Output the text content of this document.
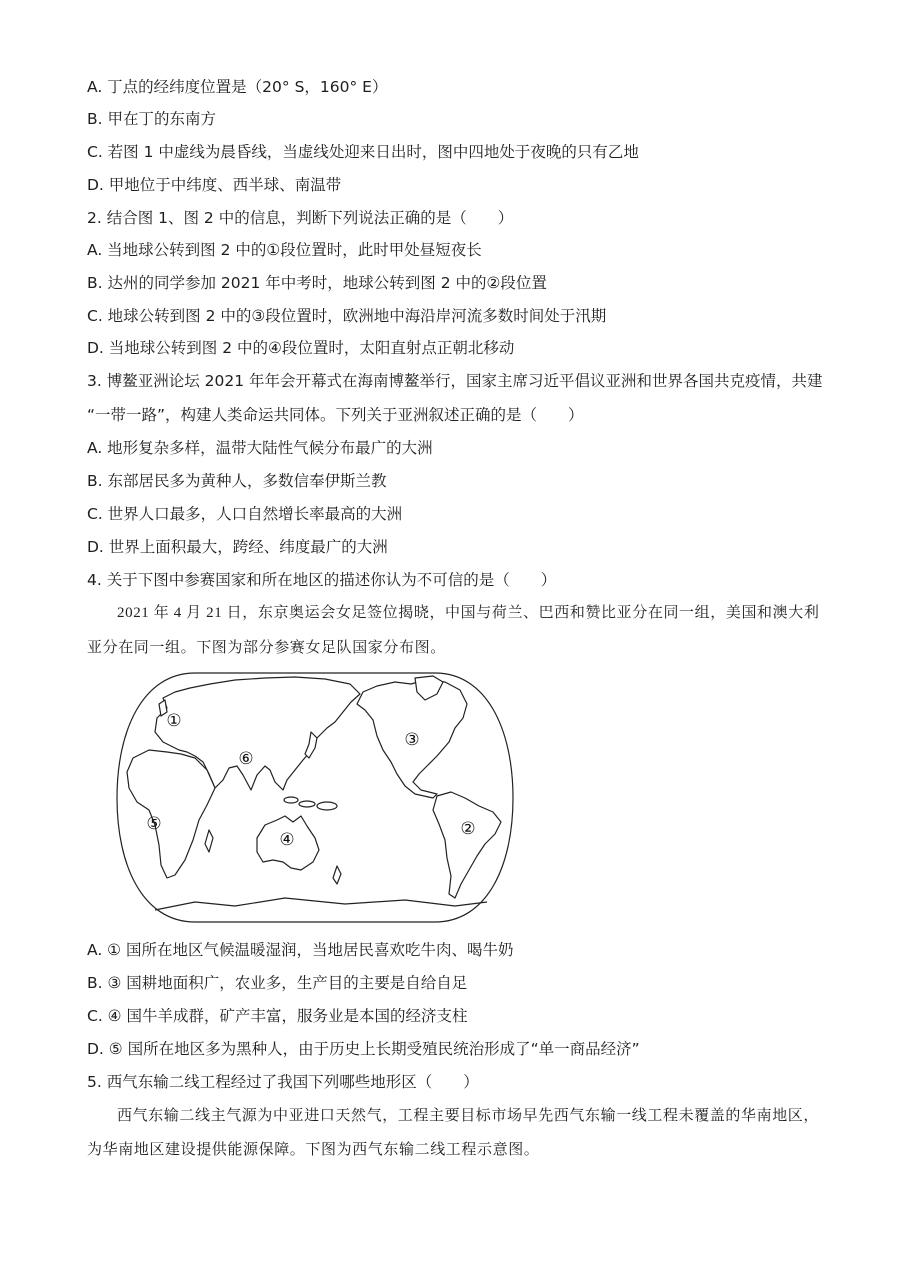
A. 丁点的经纬度位置是（20° S，160° E）
B. 甲在丁的东南方
C. 若图 1 中虚线为晨昏线，当虚线处迎来日出时，图中四地处于夜晚的只有乙地
D. 甲地位于中纬度、西半球、南温带
2. 结合图 1、图 2 中的信息，判断下列说法正确的是（　　）
A. 当地球公转到图 2 中的①段位置时，此时甲处昼短夜长
B. 达州的同学参加 2021 年中考时，地球公转到图 2 中的②段位置
C. 地球公转到图 2 中的③段位置时，欧洲地中海沿岸河流多数时间处于汛期
D. 当地球公转到图 2 中的④段位置时，太阳直射点正朝北移动
3. 博鳌亚洲论坛 2021 年年会开幕式在海南博鳌举行，国家主席习近平倡议亚洲和世界各国共克疫情，共建
“一带一路”，构建人类命运共同体。下列关于亚洲叙述正确的是（　　）
A. 地形复杂多样，温带大陆性气候分布最广的大洲
B. 东部居民多为黄种人，多数信奉伊斯兰教
C. 世界人口最多，人口自然增长率最高的大洲
D. 世界上面积最大，跨经、纬度最广的大洲
4. 关于下图中参赛国家和所在地区的描述你认为不可信的是（　　）
2021 年 4 月 21 日，东京奥运会女足签位揭晓，中国与荷兰、巴西和赞比亚分在同一组，美国和澳大利
亚分在同一组。下图为部分参赛女足队国家分布图。
①
②
③
④
⑤
⑥
A. ① 国所在地区气候温暖湿润，当地居民喜欢吃牛肉、喝牛奶
B. ③ 国耕地面积广，农业多，生产目的主要是自给自足
C. ④ 国牛羊成群，矿产丰富，服务业是本国的经济支柱
D. ⑤ 国所在地区多为黑种人，由于历史上长期受殖民统治形成了“单一商品经济”
5. 西气东输二线工程经过了我国下列哪些地形区（　　）
西气东输二线主气源为中亚进口天然气，工程主要目标市场早先西气东输一线工程未覆盖的华南地区，
为华南地区建设提供能源保障。下图为西气东输二线工程示意图。
